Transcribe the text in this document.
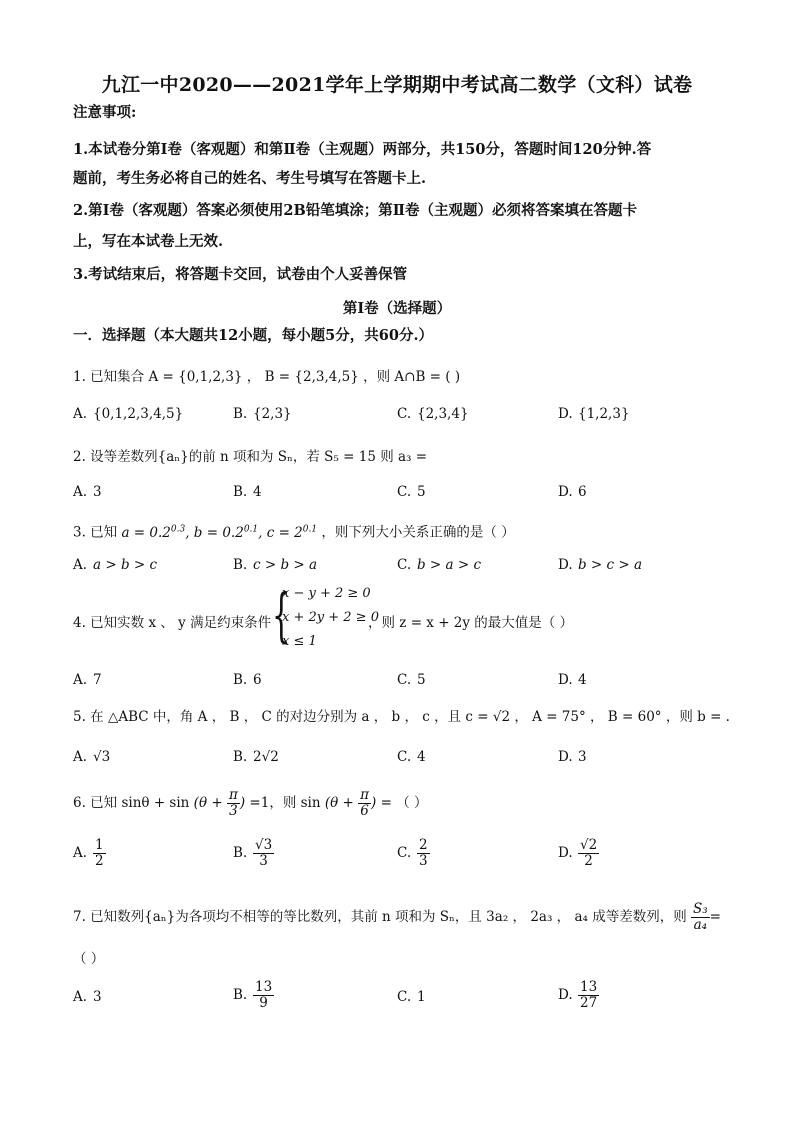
九江一中2020——2021学年上学期期中考试高二数学（文科）试卷
注意事项:
1.本试卷分第Ⅰ卷（客观题）和第Ⅱ卷（主观题）两部分，共150分，答题时间120分钟.答
题前，考生务必将自己的姓名、考生号填写在答题卡上.
2.第Ⅰ卷（客观题）答案必须使用2B铅笔填涂；第Ⅱ卷（主观题）必须将答案填在答题卡
上，写在本试卷上无效.
3.考试结束后，将答题卡交回，试卷由个人妥善保管
第Ⅰ卷（选择题）
一．选择题（本大题共12小题，每小题5分，共60分.）
1. 已知集合 A = {0,1,2,3} ， B = {2,3,4,5} ，则 A∩B = ( )
A. {0,1,2,3,4,5}	B. {2,3}	C. {2,3,4}	D. {1,2,3}
2. 设等差数列{aₙ}的前 n 项和为 Sₙ，若 S₅ = 15 则 a₃ =
A. 3	B. 4	C. 5	D. 6
3. 已知 $a = 0.2^{0.3}$, $b = 0.2^{0.1}$, $c = 2^{0.1}$ ，则下列大小关系正确的是（ ）
A. a > b > c	B. c > b > a	C. b > a > c	D. b > c > a
4. 已知实数 x 、 y 满足约束条件 {
x − y + 2 ≥ 0
x + 2y + 2 ≥ 0
x ≤ 1
，则 z = x + 2y 的最大值是（ ）
A. 7	B. 6	C. 5	D. 4
5. 在 △ABC 中，角 A ， B ， C 的对边分别为 a ， b ， c ，且 c = √2 ， A = 75° ， B = 60° ，则 b = .
A. √3	B. 2√2	C. 4	D. 3
6. 已知 $\sin\theta + \sin (\theta + \frac{\pi}{3}$ ) =1，则 $\sin (\theta + \frac{\pi}{6}$ ) = （ ）
A. $\frac{1}{2}$	B. $\frac{√3}{3}$	C. $\frac{2}{3}$	D. $\frac{√2}{2}$
7. 已知数列{aₙ}为各项均不相等的等比数列，其前 n 项和为 Sₙ，且 3a₂ ， 2a₃ ， a₄ 成等差数列，则 $\frac{\text{S₃}}{\text{a₄}}$ =
（ ）
A. 3	B. $\frac{13}{9}$	C. 1	D. $\frac{13}{27}$
